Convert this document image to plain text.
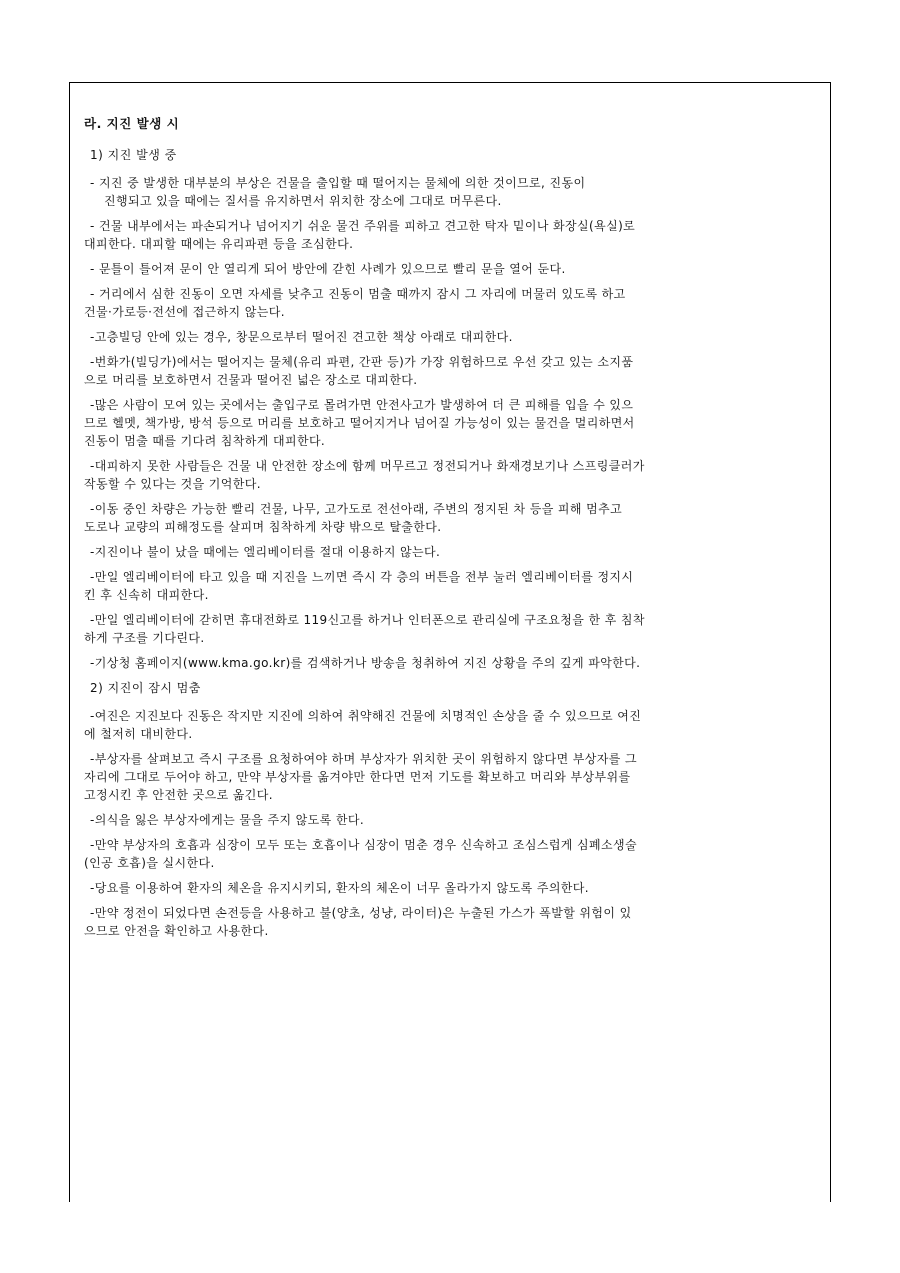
라. 지진 발생 시
1) 지진 발생 중
- 지진 중 발생한 대부분의 부상은 건물을 출입할 때 떨어지는 물체에 의한 것이므로, 진동이
진행되고 있을 때에는 질서를 유지하면서 위치한 장소에 그대로 머무른다.
- 건물 내부에서는 파손되거나 넘어지기 쉬운 물건 주위를 피하고 견고한 탁자 밑이나 화장실(욕실)로
대피한다. 대피할 때에는 유리파편 등을 조심한다.
- 문틀이 틀어져 문이 안 열리게 되어 방안에 갇힌 사례가 있으므로 빨리 문을 열어 둔다.
- 거리에서 심한 진동이 오면 자세를 낮추고 진동이 멈출 때까지 잠시 그 자리에 머물러 있도록 하고
건물·가로등·전선에 접근하지 않는다.
-고층빌딩 안에 있는 경우, 창문으로부터 떨어진 견고한 책상 아래로 대피한다.
-번화가(빌딩가)에서는 떨어지는 물체(유리 파편, 간판 등)가 가장 위험하므로 우선 갖고 있는 소지품
으로 머리를 보호하면서 건물과 떨어진 넓은 장소로 대피한다.
-많은 사람이 모여 있는 곳에서는 출입구로 몰려가면 안전사고가 발생하여 더 큰 피해를 입을 수 있으
므로 헬멧, 책가방, 방석 등으로 머리를 보호하고 떨어지거나 넘어질 가능성이 있는 물건을 멀리하면서
진동이 멈출 때를 기다려 침착하게 대피한다.
-대피하지 못한 사람들은 건물 내 안전한 장소에 함께 머무르고 정전되거나 화재경보기나 스프링클러가
작동할 수 있다는 것을 기억한다.
-이동 중인 차량은 가능한 빨리 건물, 나무, 고가도로 전선아래, 주변의 정지된 차 등을 피해 멈추고
도로나 교량의 피해정도를 살피며 침착하게 차량 밖으로 탈출한다.
-지진이나 불이 났을 때에는 엘리베이터를 절대 이용하지 않는다.
-만일 엘리베이터에 타고 있을 때 지진을 느끼면 즉시 각 층의 버튼을 전부 눌러 엘리베이터를 정지시
킨 후 신속히 대피한다.
-만일 엘리베이터에 갇히면 휴대전화로 119신고를 하거나 인터폰으로 관리실에 구조요청을 한 후 침착
하게 구조를 기다린다.
-기상청 홈페이지(www.kma.go.kr)를 검색하거나 방송을 청취하여 지진 상황을 주의 깊게 파악한다.
2) 지진이 잠시 멈춤
-여진은 지진보다 진동은 작지만 지진에 의하여 취약해진 건물에 치명적인 손상을 줄 수 있으므로 여진
에 철저히 대비한다.
-부상자를 살펴보고 즉시 구조를 요청하여야 하며 부상자가 위치한 곳이 위험하지 않다면 부상자를 그
자리에 그대로 두어야 하고, 만약 부상자를 옮겨야만 한다면 먼저 기도를 확보하고 머리와 부상부위를
고정시킨 후 안전한 곳으로 옮긴다.
-의식을 잃은 부상자에게는 물을 주지 않도록 한다.
-만약 부상자의 호흡과 심장이 모두 또는 호흡이나 심장이 멈춘 경우 신속하고 조심스럽게 심폐소생술
(인공 호흡)을 실시한다.
-당요를 이용하여 환자의 체온을 유지시키되, 환자의 체온이 너무 올라가지 않도록 주의한다.
-만약 정전이 되었다면 손전등을 사용하고 불(양초, 성냥, 라이터)은 누출된 가스가 폭발할 위험이 있
으므로 안전을 확인하고 사용한다.
